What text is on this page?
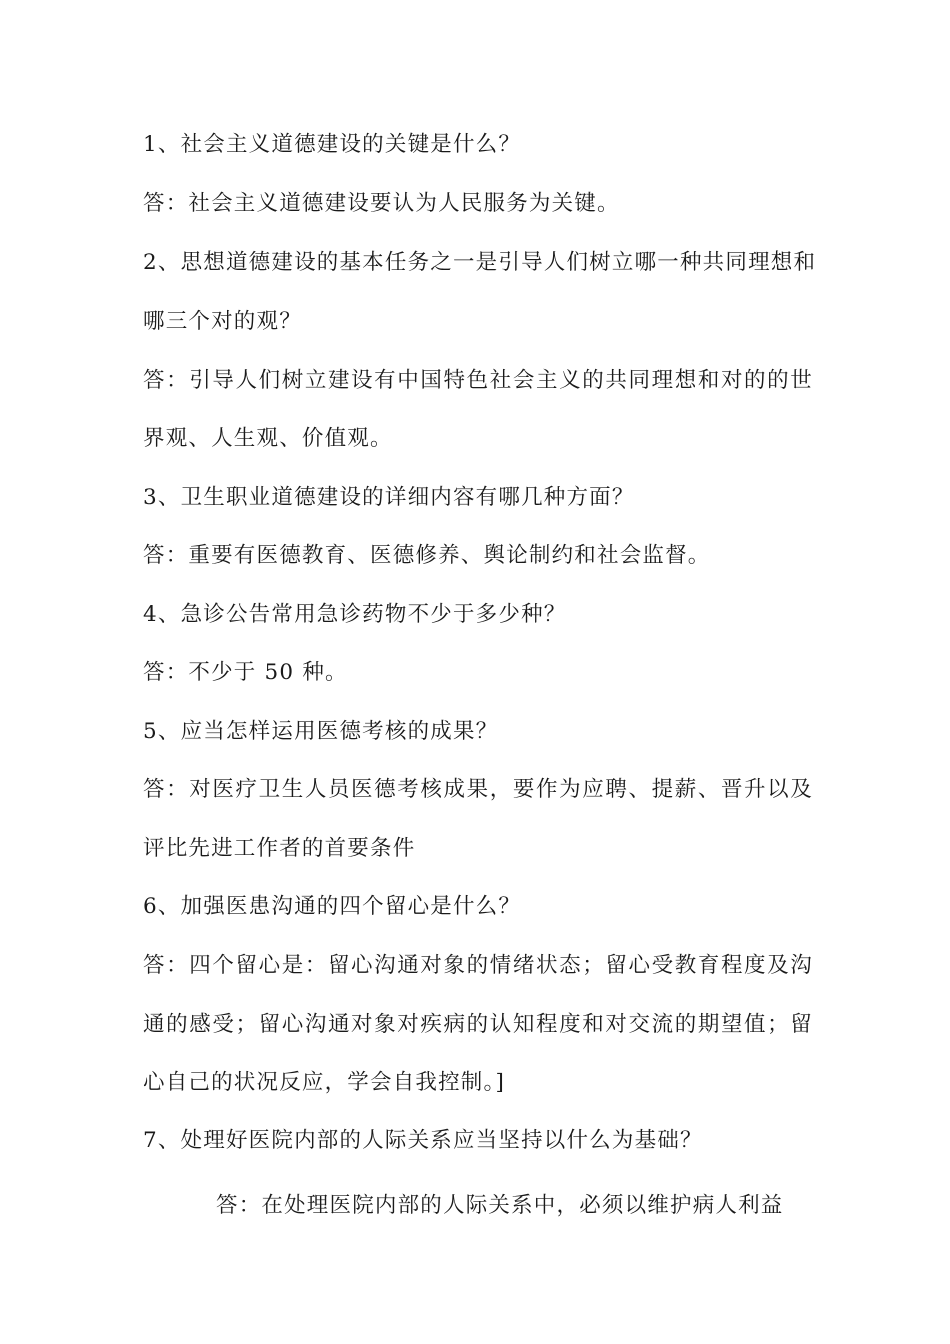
1、社会主义道德建设的关键是什么？
答：社会主义道德建设要认为人民服务为关键。
2、思想道德建设的基本任务之一是引导人们树立哪一种共同理想和
哪三个对的观？
答：引导人们树立建设有中国特色社会主义的共同理想和对的的世
界观、人生观、价值观。
3、卫生职业道德建设的详细内容有哪几种方面？
答：重要有医德教育、医德修养、舆论制约和社会监督。
4、急诊公告常用急诊药物不少于多少种？
答：不少于 50 种。
5、应当怎样运用医德考核的成果？
答：对医疗卫生人员医德考核成果，要作为应聘、提薪、晋升以及
评比先进工作者的首要条件
6、加强医患沟通的四个留心是什么？
答：四个留心是：留心沟通对象的情绪状态；留心受教育程度及沟
通的感受；留心沟通对象对疾病的认知程度和对交流的期望值；留
心自己的状况反应，学会自我控制。]
7、处理好医院内部的人际关系应当坚持以什么为基础？
答：在处理医院内部的人际关系中，必须以维护病人利益
